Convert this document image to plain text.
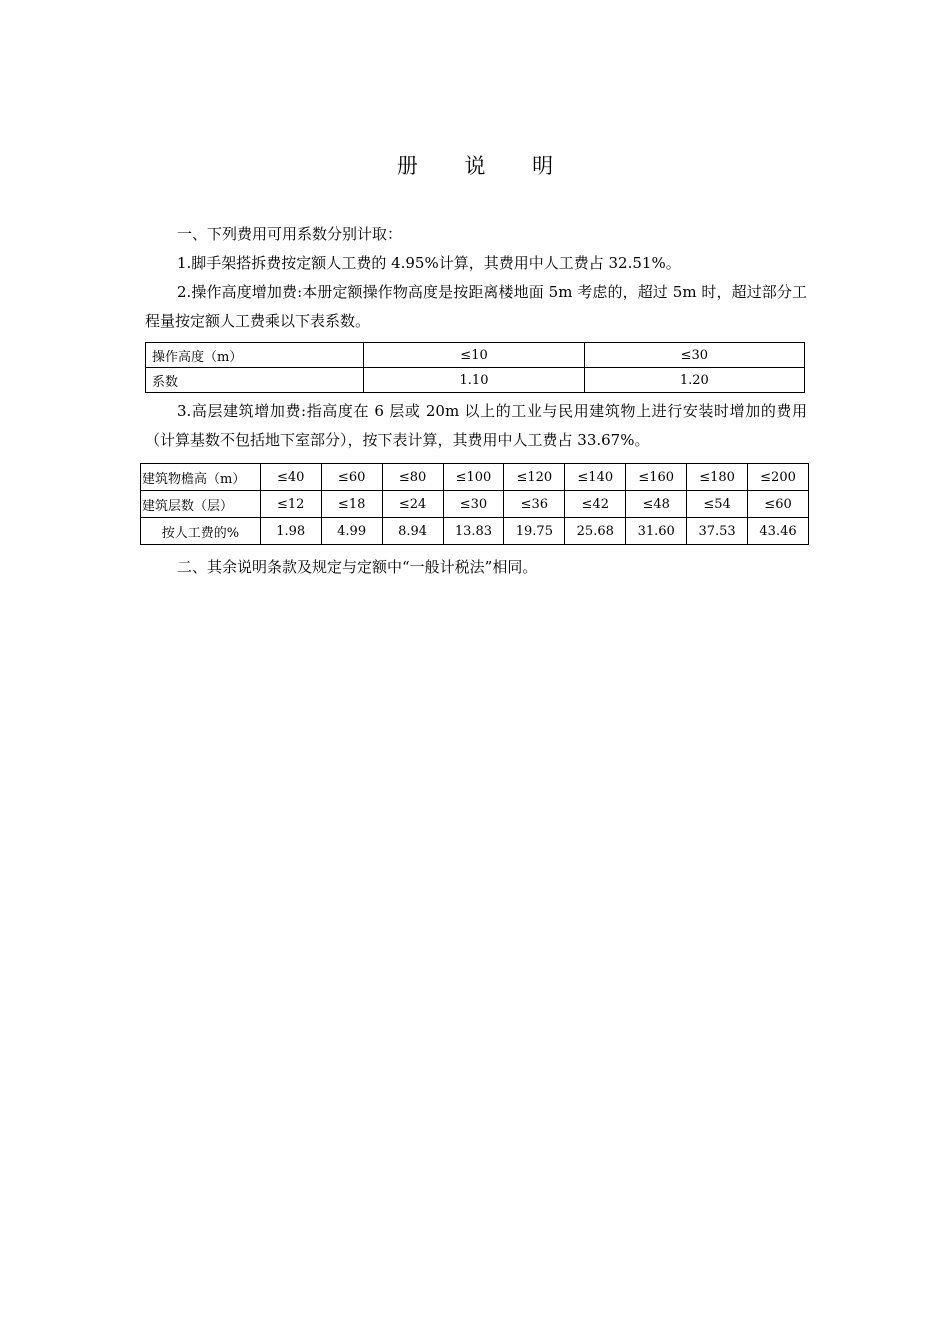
册 说 明

一、下列费用可用系数分别计取：

1.脚手架搭拆费按定额人工费的 4.95%计算，其费用中人工费占 32.51%。

2.操作高度增加费:本册定额操作物高度是按距离楼地面 5m 考虑的，超过 5m 时，超过部分工程量按定额人工费乘以下表系数。

操作高度（m）	≤10	≤30
系数	1.10	1.20

3.高层建筑增加费:指高度在 6 层或 20m 以上的工业与民用建筑物上进行安装时增加的费用（计算基数不包括地下室部分），按下表计算，其费用中人工费占 33.67%。

建筑物檐高（m）	≤40	≤60	≤80	≤100	≤120	≤140	≤160	≤180	≤200
建筑层数（层）	≤12	≤18	≤24	≤30	≤36	≤42	≤48	≤54	≤60
按人工费的%	1.98	4.99	8.94	13.83	19.75	25.68	31.60	37.53	43.46

二、其余说明条款及规定与定额中“一般计税法”相同。
